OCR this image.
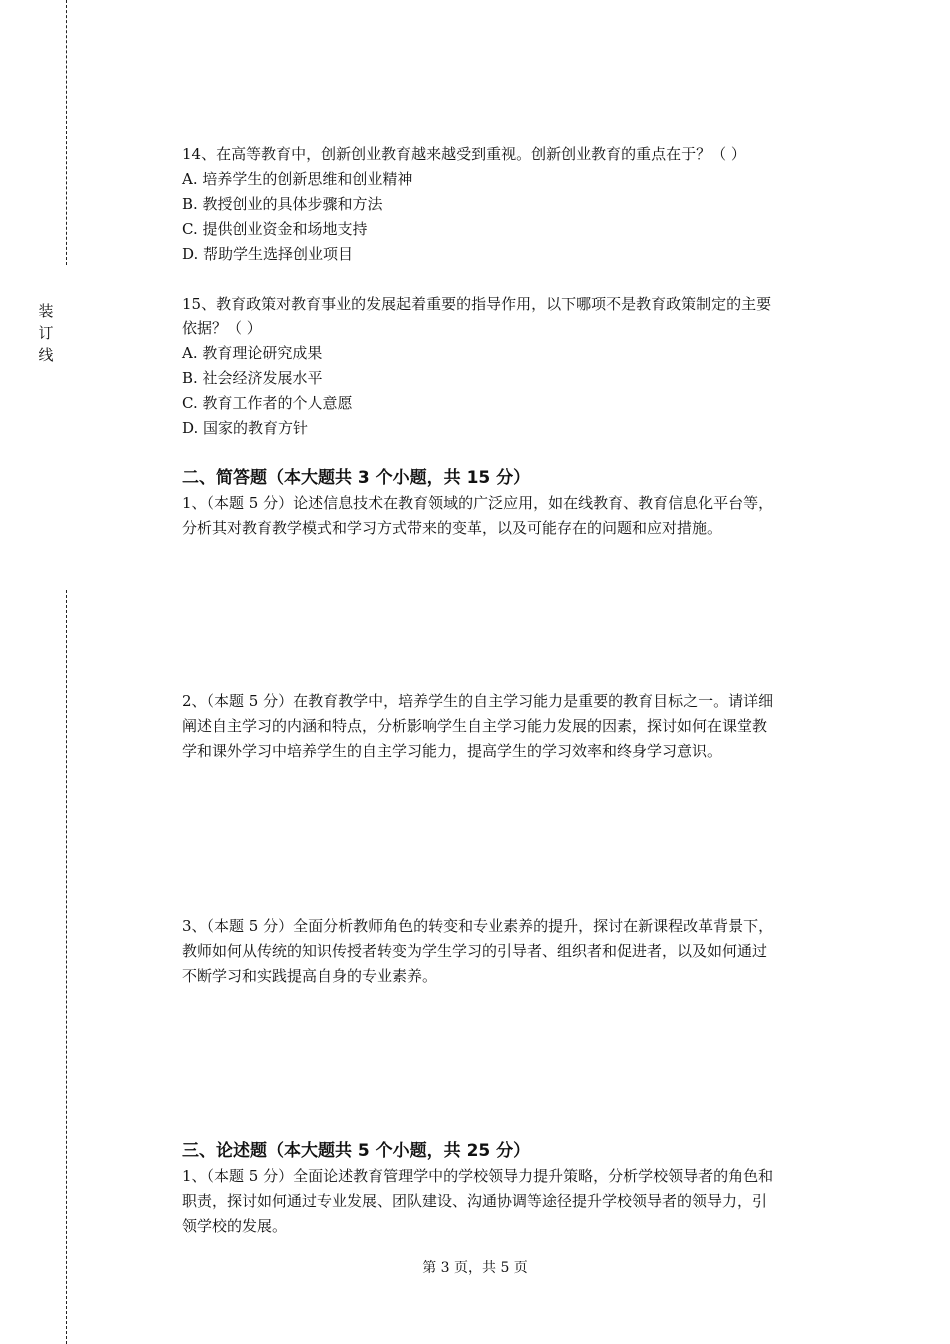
装订线
14、在高等教育中，创新创业教育越来越受到重视。创新创业教育的重点在于？（ ）
A. 培养学生的创新思维和创业精神
B. 教授创业的具体步骤和方法
C. 提供创业资金和场地支持
D. 帮助学生选择创业项目
15、教育政策对教育事业的发展起着重要的指导作用，以下哪项不是教育政策制定的主要
依据？（ ）
A. 教育理论研究成果
B. 社会经济发展水平
C. 教育工作者的个人意愿
D. 国家的教育方针
二、简答题（本大题共 3 个小题，共 15 分）
1、（本题 5 分）论述信息技术在教育领域的广泛应用，如在线教育、教育信息化平台等，
分析其对教育教学模式和学习方式带来的变革，以及可能存在的问题和应对措施。
2、（本题 5 分）在教育教学中，培养学生的自主学习能力是重要的教育目标之一。请详细
阐述自主学习的内涵和特点，分析影响学生自主学习能力发展的因素，探讨如何在课堂教
学和课外学习中培养学生的自主学习能力，提高学生的学习效率和终身学习意识。
3、（本题 5 分）全面分析教师角色的转变和专业素养的提升，探讨在新课程改革背景下，
教师如何从传统的知识传授者转变为学生学习的引导者、组织者和促进者，以及如何通过
不断学习和实践提高自身的专业素养。
三、论述题（本大题共 5 个小题，共 25 分）
1、（本题 5 分）全面论述教育管理学中的学校领导力提升策略，分析学校领导者的角色和
职责，探讨如何通过专业发展、团队建设、沟通协调等途径提升学校领导者的领导力，引
领学校的发展。
第 3 页，共 5 页
